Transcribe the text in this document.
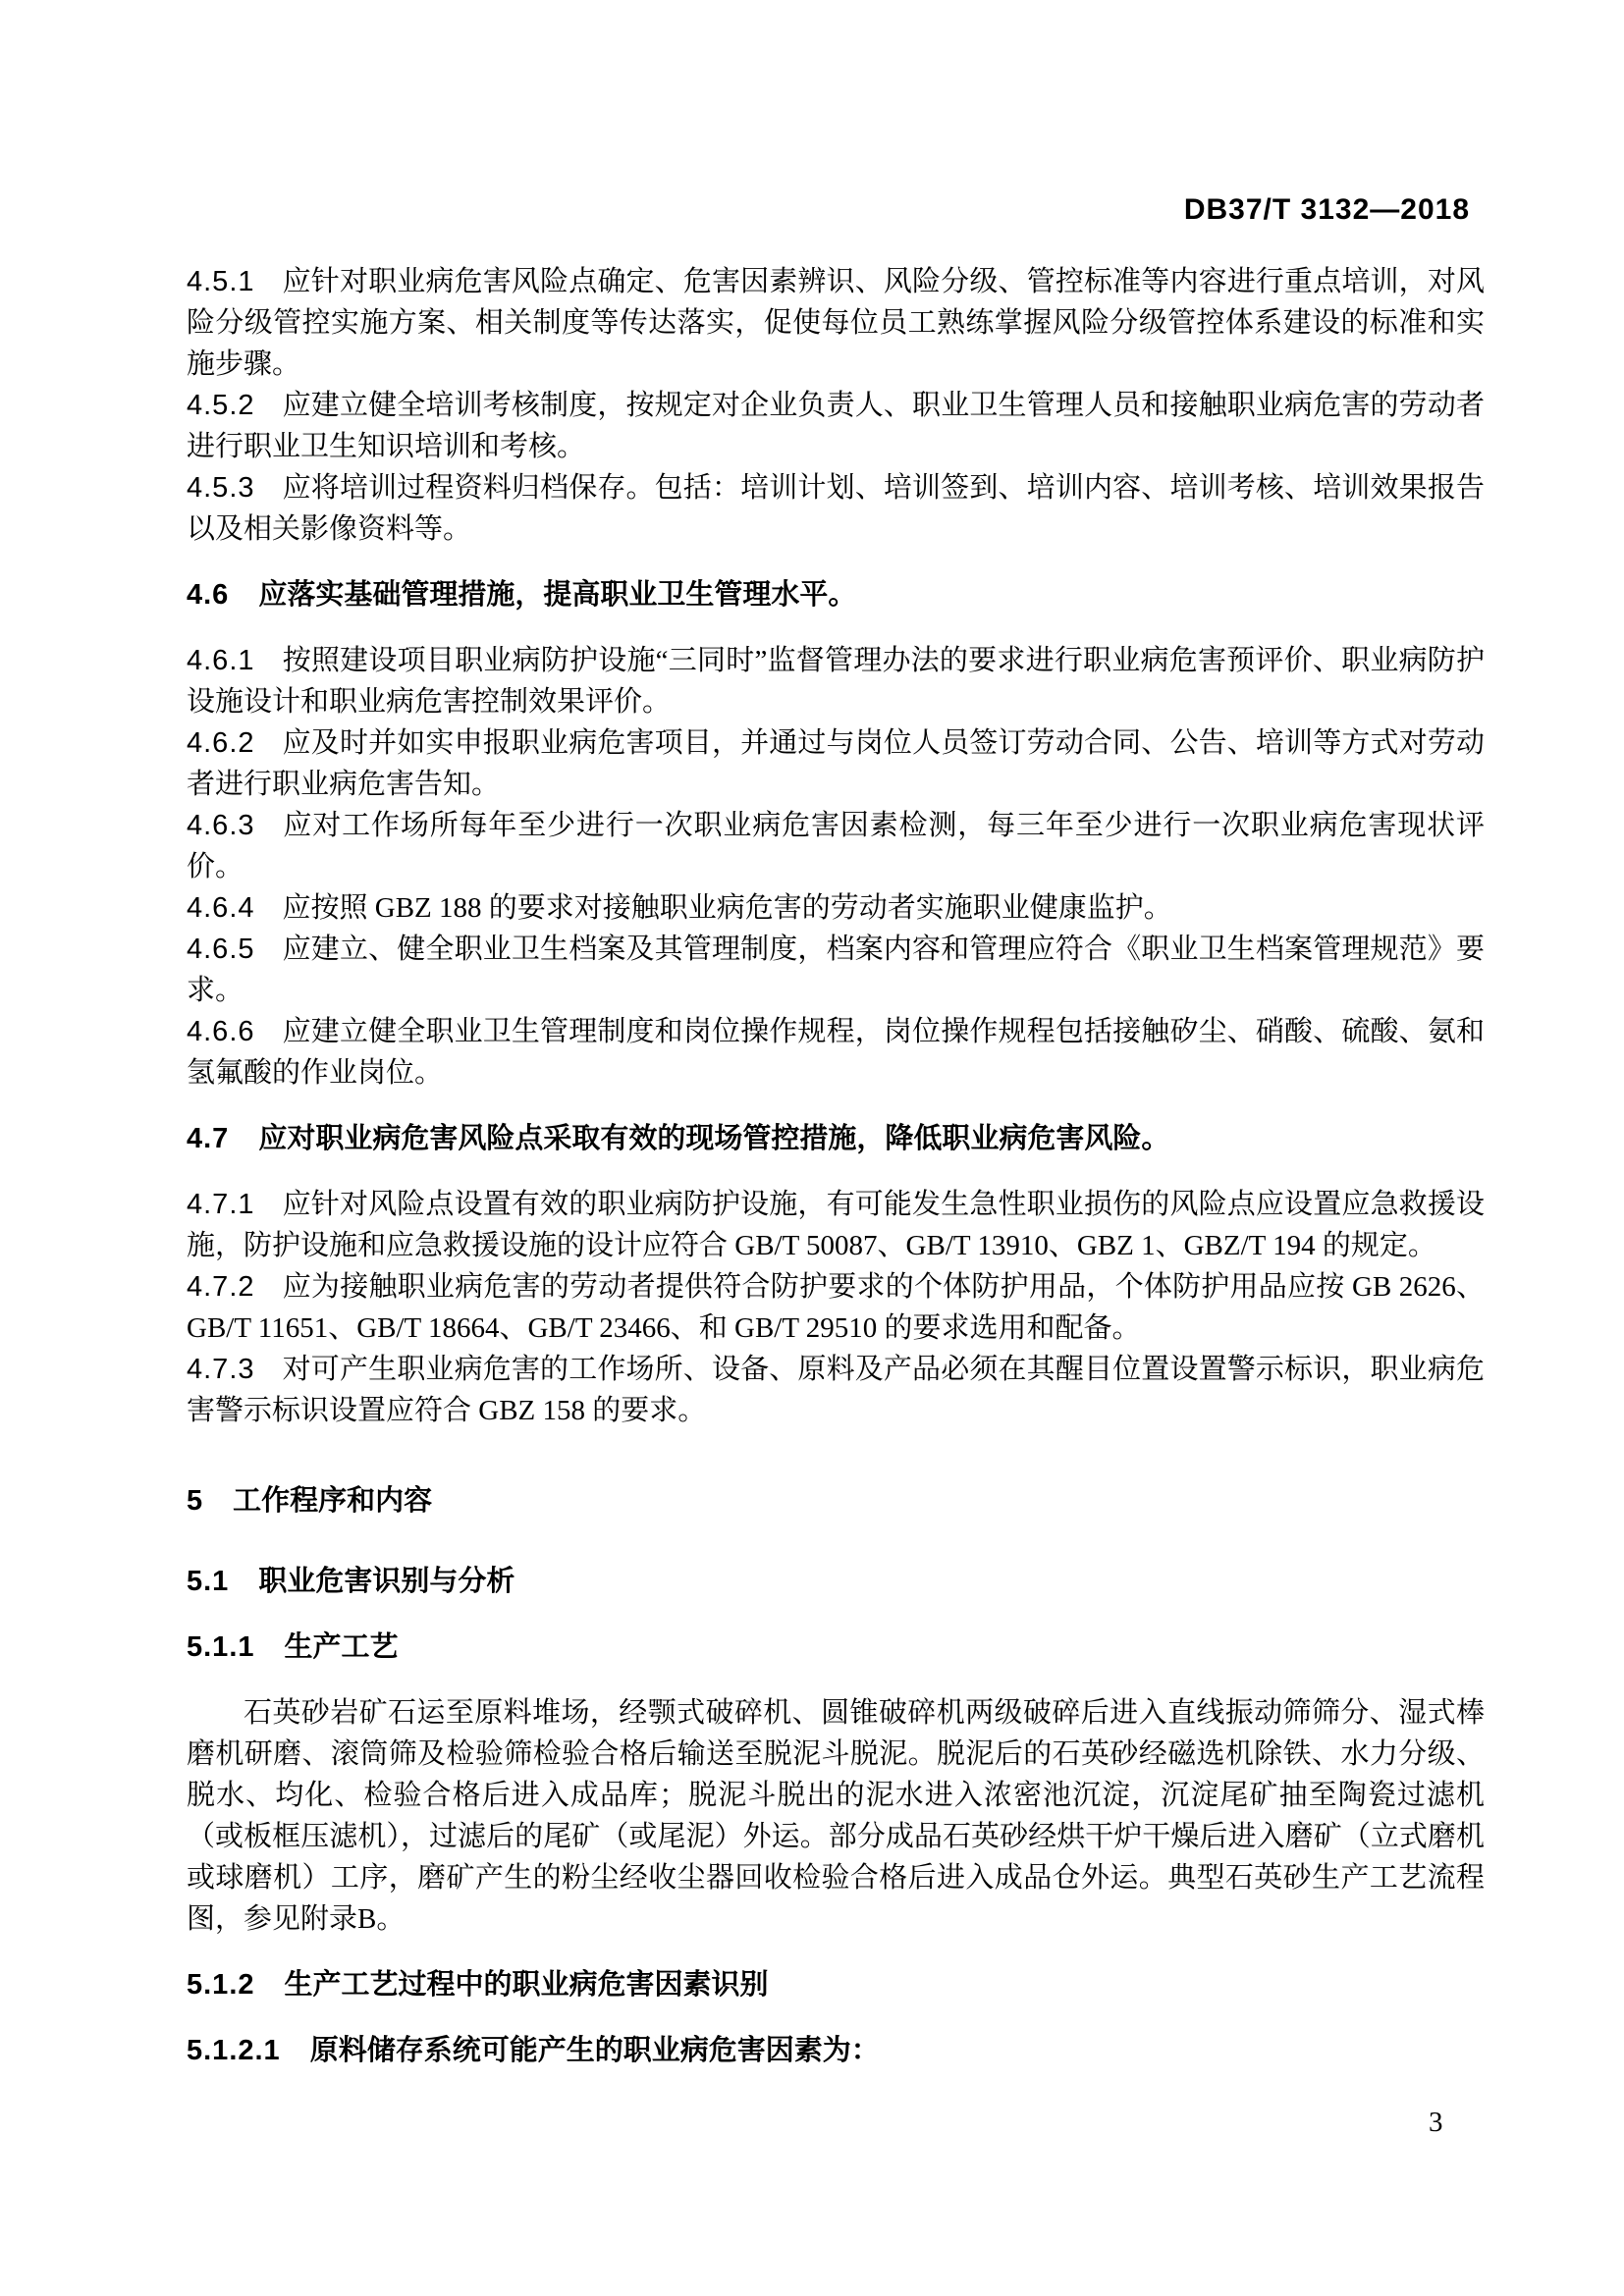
DB37/T 3132—2018

4.5.1 应针对职业病危害风险点确定、危害因素辨识、风险分级、管控标准等内容进行重点培训，对风险分级管控实施方案、相关制度等传达落实，促使每位员工熟练掌握风险分级管控体系建设的标准和实施步骤。

4.5.2 应建立健全培训考核制度，按规定对企业负责人、职业卫生管理人员和接触职业病危害的劳动者进行职业卫生知识培训和考核。

4.5.3 应将培训过程资料归档保存。包括：培训计划、培训签到、培训内容、培训考核、培训效果报告以及相关影像资料等。

4.6 应落实基础管理措施，提高职业卫生管理水平。

4.6.1 按照建设项目职业病防护设施“三同时”监督管理办法的要求进行职业病危害预评价、职业病防护设施设计和职业病危害控制效果评价。

4.6.2 应及时并如实申报职业病危害项目，并通过与岗位人员签订劳动合同、公告、培训等方式对劳动者进行职业病危害告知。

4.6.3 应对工作场所每年至少进行一次职业病危害因素检测，每三年至少进行一次职业病危害现状评价。

4.6.4 应按照 GBZ 188 的要求对接触职业病危害的劳动者实施职业健康监护。

4.6.5 应建立、健全职业卫生档案及其管理制度，档案内容和管理应符合《职业卫生档案管理规范》要求。

4.6.6 应建立健全职业卫生管理制度和岗位操作规程，岗位操作规程包括接触矽尘、硝酸、硫酸、氨和氢氟酸的作业岗位。

4.7 应对职业病危害风险点采取有效的现场管控措施，降低职业病危害风险。

4.7.1 应针对风险点设置有效的职业病防护设施，有可能发生急性职业损伤的风险点应设置应急救援设施，防护设施和应急救援设施的设计应符合 GB/T 50087、GB/T 13910、GBZ 1、GBZ/T 194 的规定。

4.7.2 应为接触职业病危害的劳动者提供符合防护要求的个体防护用品，个体防护用品应按 GB 2626、GB/T 11651、GB/T 18664、GB/T 23466、和 GB/T 29510 的要求选用和配备。

4.7.3 对可产生职业病危害的工作场所、设备、原料及产品必须在其醒目位置设置警示标识，职业病危害警示标识设置应符合 GBZ 158 的要求。

5 工作程序和内容
5.1 职业危害识别与分析
5.1.1 生产工艺

石英砂岩矿石运至原料堆场，经颚式破碎机、圆锥破碎机两级破碎后进入直线振动筛筛分、湿式棒磨机研磨、滚筒筛及检验筛检验合格后输送至脱泥斗脱泥。脱泥后的石英砂经磁选机除铁、水力分级、脱水、均化、检验合格后进入成品库；脱泥斗脱出的泥水进入浓密池沉淀，沉淀尾矿抽至陶瓷过滤机（或板框压滤机），过滤后的尾矿（或尾泥）外运。部分成品石英砂经烘干炉干燥后进入磨矿（立式磨机或球磨机）工序，磨矿产生的粉尘经收尘器回收检验合格后进入成品仓外运。典型石英砂生产工艺流程图，参见附录B。

5.1.2 生产工艺过程中的职业病危害因素识别
5.1.2.1 原料储存系统可能产生的职业病危害因素为：
3
